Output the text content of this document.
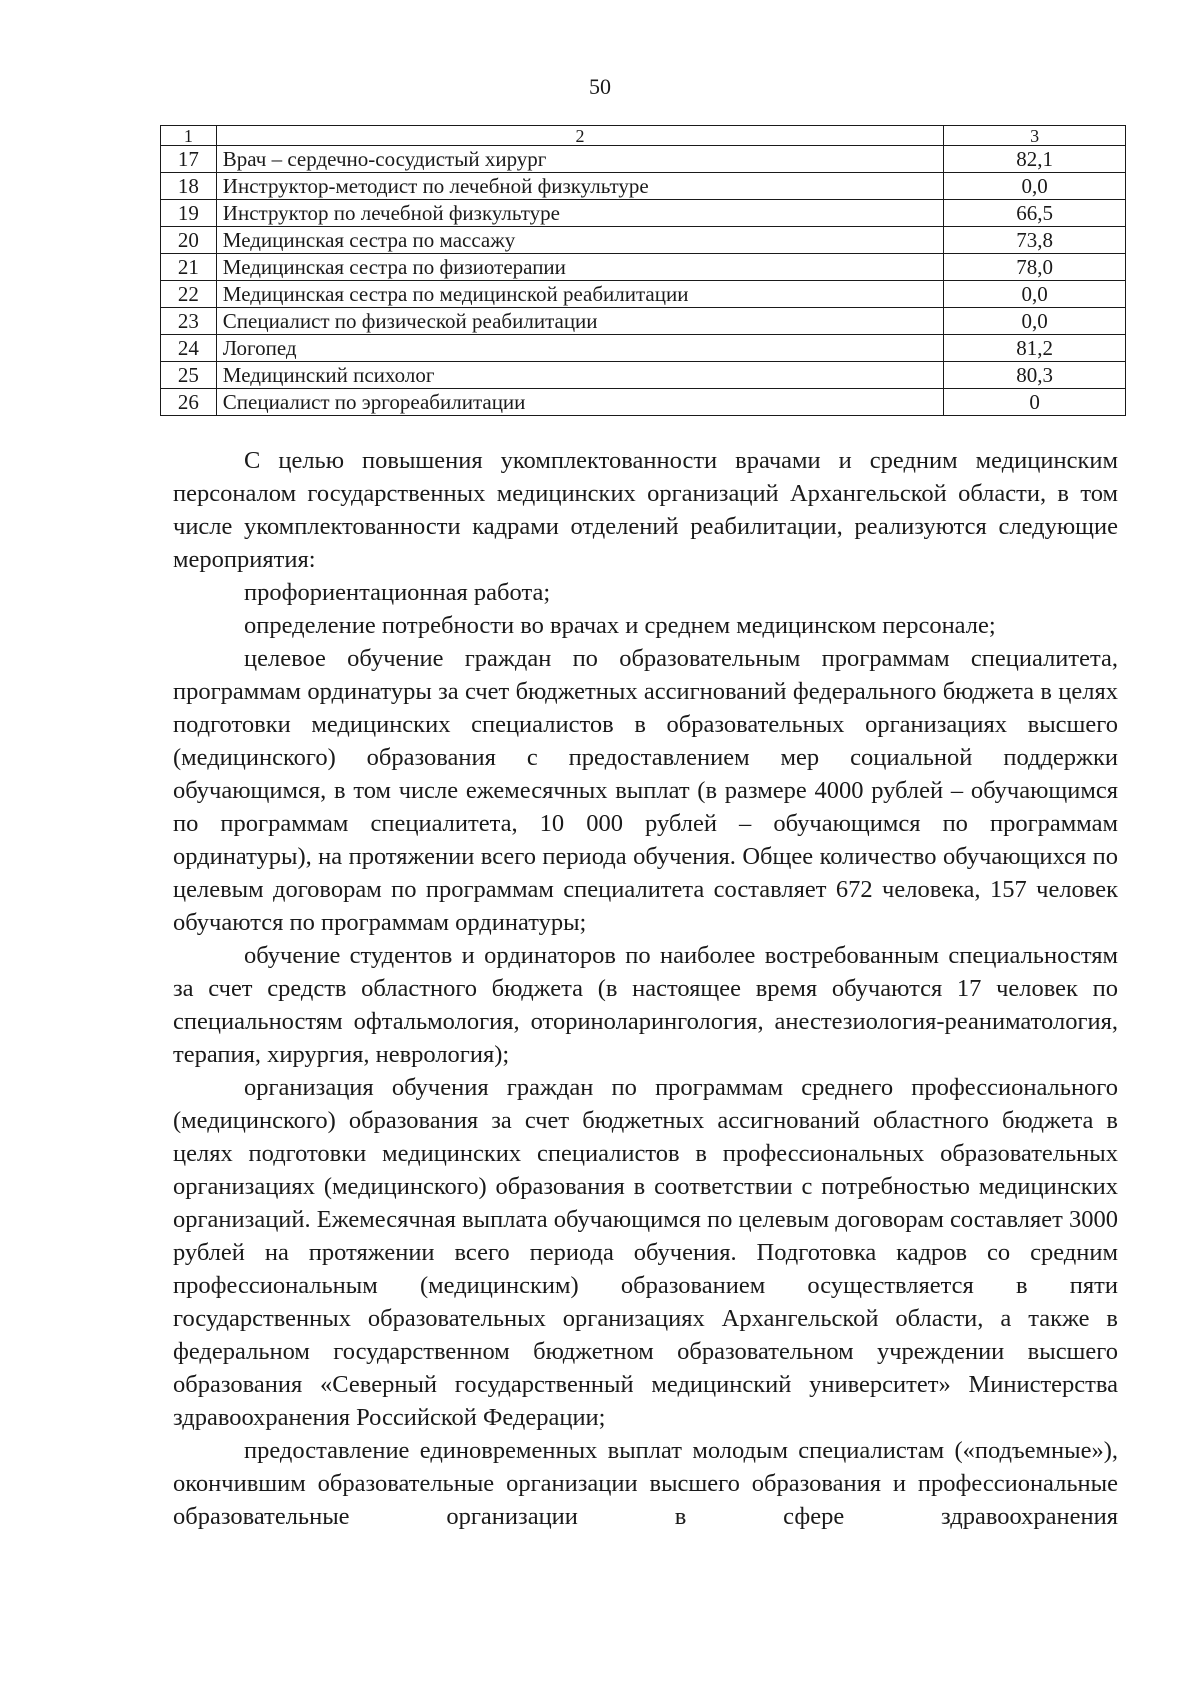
50
1	2	3
17	Врач – сердечно-сосудистый хирург	82,1
18	Инструктор-методист по лечебной физкультуре	0,0
19	Инструктор по лечебной физкультуре	66,5
20	Медицинская сестра по массажу	73,8
21	Медицинская сестра по физиотерапии	78,0
22	Медицинская сестра по медицинской реабилитации	0,0
23	Специалист по физической реабилитации	0,0
24	Логопед	81,2
25	Медицинский психолог	80,3
26	Специалист по эргореабилитации	0

С целью повышения укомплектованности врачами и средним медицинским персоналом государственных медицинских организаций Архангельской области, в том числе укомплектованности кадрами отделений реабилитации, реализуются следующие мероприятия:

профориентационная работа;

определение потребности во врачах и среднем медицинском персонале;

целевое обучение граждан по образовательным программам специалитета, программам ординатуры за счет бюджетных ассигнований федерального бюджета в целях подготовки медицинских специалистов в образовательных организациях высшего (медицинского) образования с предоставлением мер социальной поддержки обучающимся, в том числе ежемесячных выплат (в размере 4000 рублей – обучающимся по программам специалитета, 10 000 рублей – обучающимся по программам ординатуры), на протяжении всего периода обучения. Общее количество обучающихся по целевым договорам по программам специалитета составляет 672 человека, 157 человек обучаются по программам ординатуры;

обучение студентов и ординаторов по наиболее востребованным специальностям за счет средств областного бюджета (в настоящее время обучаются 17 человек по специальностям офтальмология, оториноларингология, анестезиология-реаниматология, терапия, хирургия, неврология);

организация обучения граждан по программам среднего профессионального (медицинского) образования за счет бюджетных ассигнований областного бюджета в целях подготовки медицинских специалистов в профессиональных образовательных организациях (медицинского) образования в соответствии с потребностью медицинских организаций. Ежемесячная выплата обучающимся по целевым договорам составляет 3000 рублей на протяжении всего периода обучения. Подготовка кадров со средним профессиональным (медицинским) образованием осуществляется в пяти государственных образовательных организациях Архангельской области, а также в федеральном государственном бюджетном образовательном учреждении высшего образования «Северный государственный медицинский университет» Министерства здравоохранения Российской Федерации;

предоставление единовременных выплат молодым специалистам («подъемные»), окончившим образовательные организации высшего образования и профессиональные образовательные организации в сфере здравоохранения
